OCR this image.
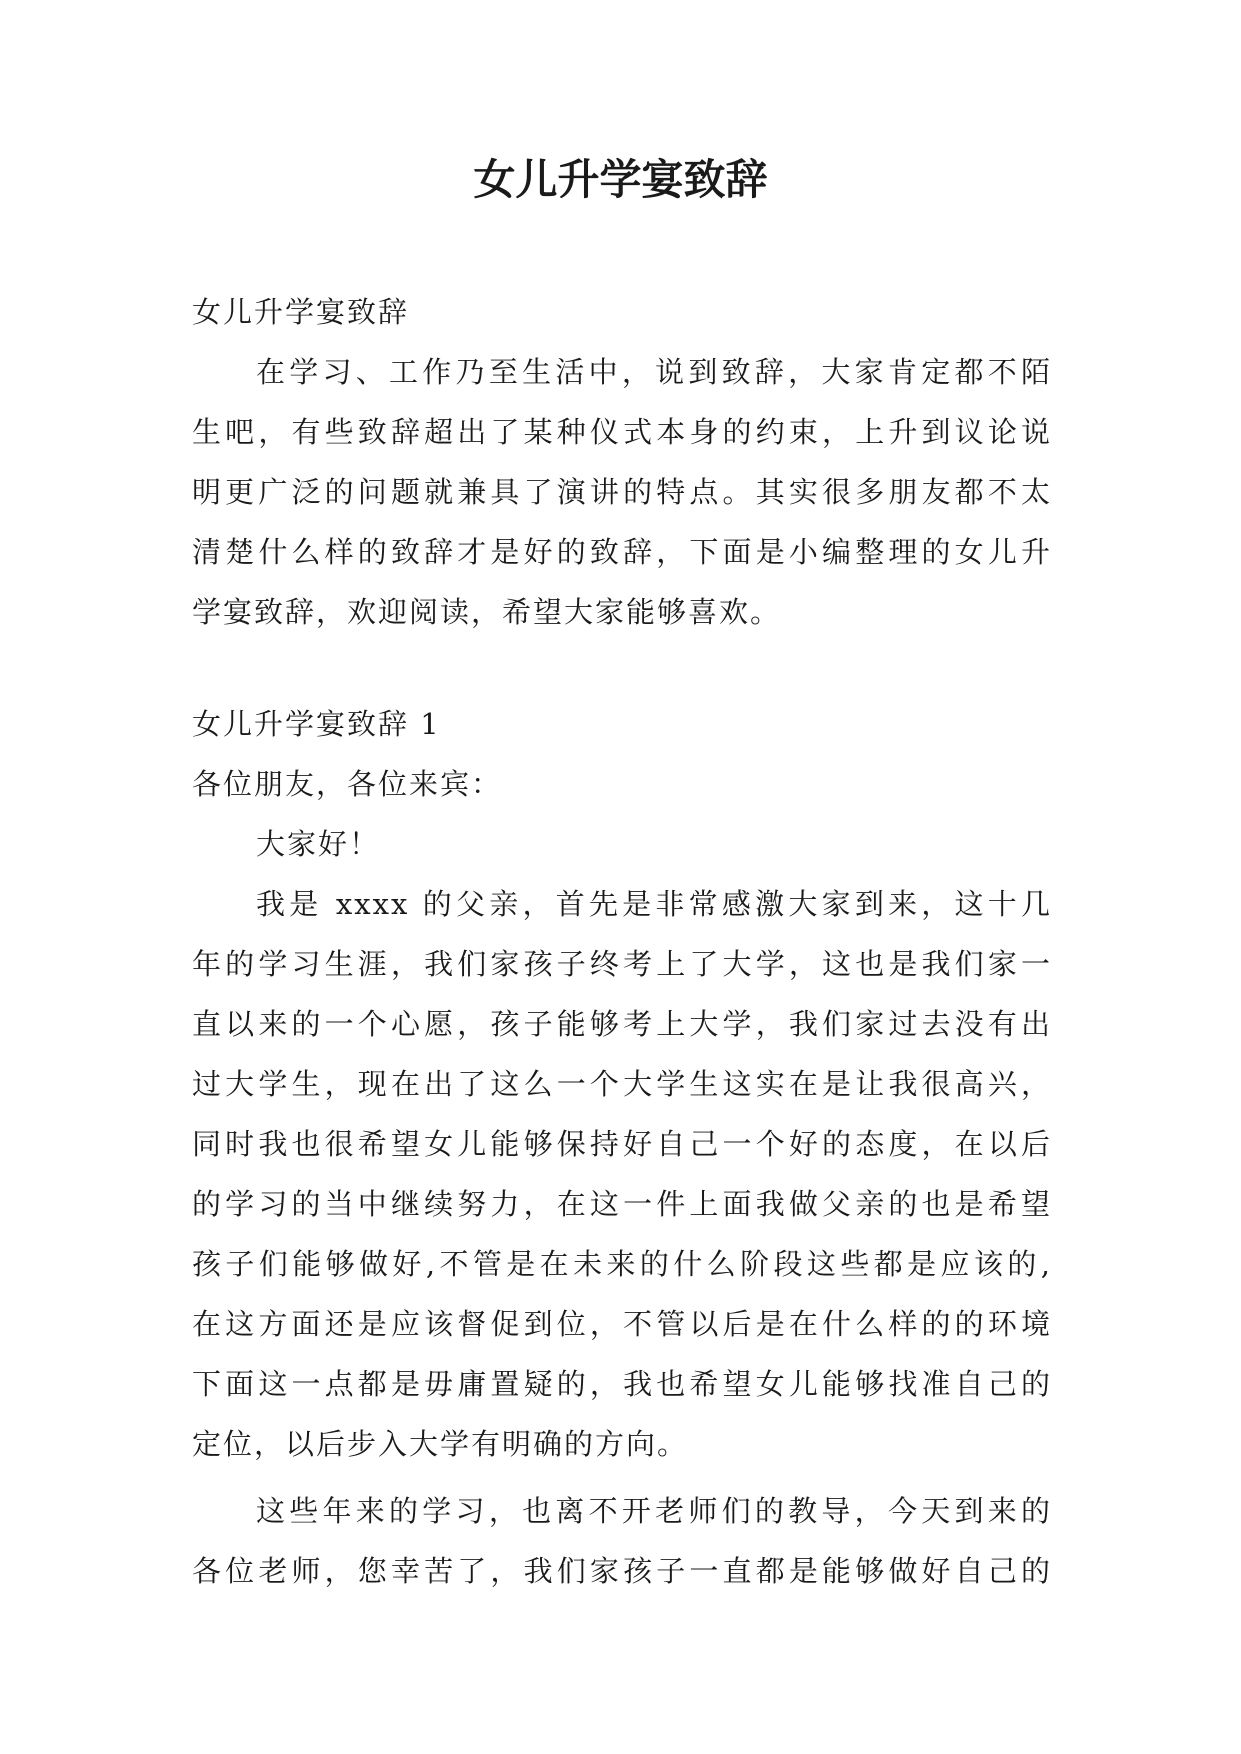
女儿升学宴致辞

女儿升学宴致辞

在学习、工作乃至生活中，说到致辞，大家肯定都不陌

生吧，有些致辞超出了某种仪式本身的约束，上升到议论说

明更广泛的问题就兼具了演讲的特点。其实很多朋友都不太

清楚什么样的致辞才是好的致辞，下面是小编整理的女儿升

学宴致辞，欢迎阅读，希望大家能够喜欢。

女儿升学宴致辞 1

各位朋友，各位来宾：

大家好！

我是 xxxx 的父亲，首先是非常感激大家到来，这十几

年的学习生涯，我们家孩子终考上了大学，这也是我们家一

直以来的一个心愿，孩子能够考上大学，我们家过去没有出

过大学生，现在出了这么一个大学生这实在是让我很高兴，

同时我也很希望女儿能够保持好自己一个好的态度，在以后

的学习的当中继续努力，在这一件上面我做父亲的也是希望

孩子们能够做好,不管是在未来的什么阶段这些都是应该的,

在这方面还是应该督促到位，不管以后是在什么样的的环境

下面这一点都是毋庸置疑的，我也希望女儿能够找准自己的

定位，以后步入大学有明确的方向。

这些年来的学习，也离不开老师们的教导，今天到来的

各位老师，您幸苦了，我们家孩子一直都是能够做好自己的
